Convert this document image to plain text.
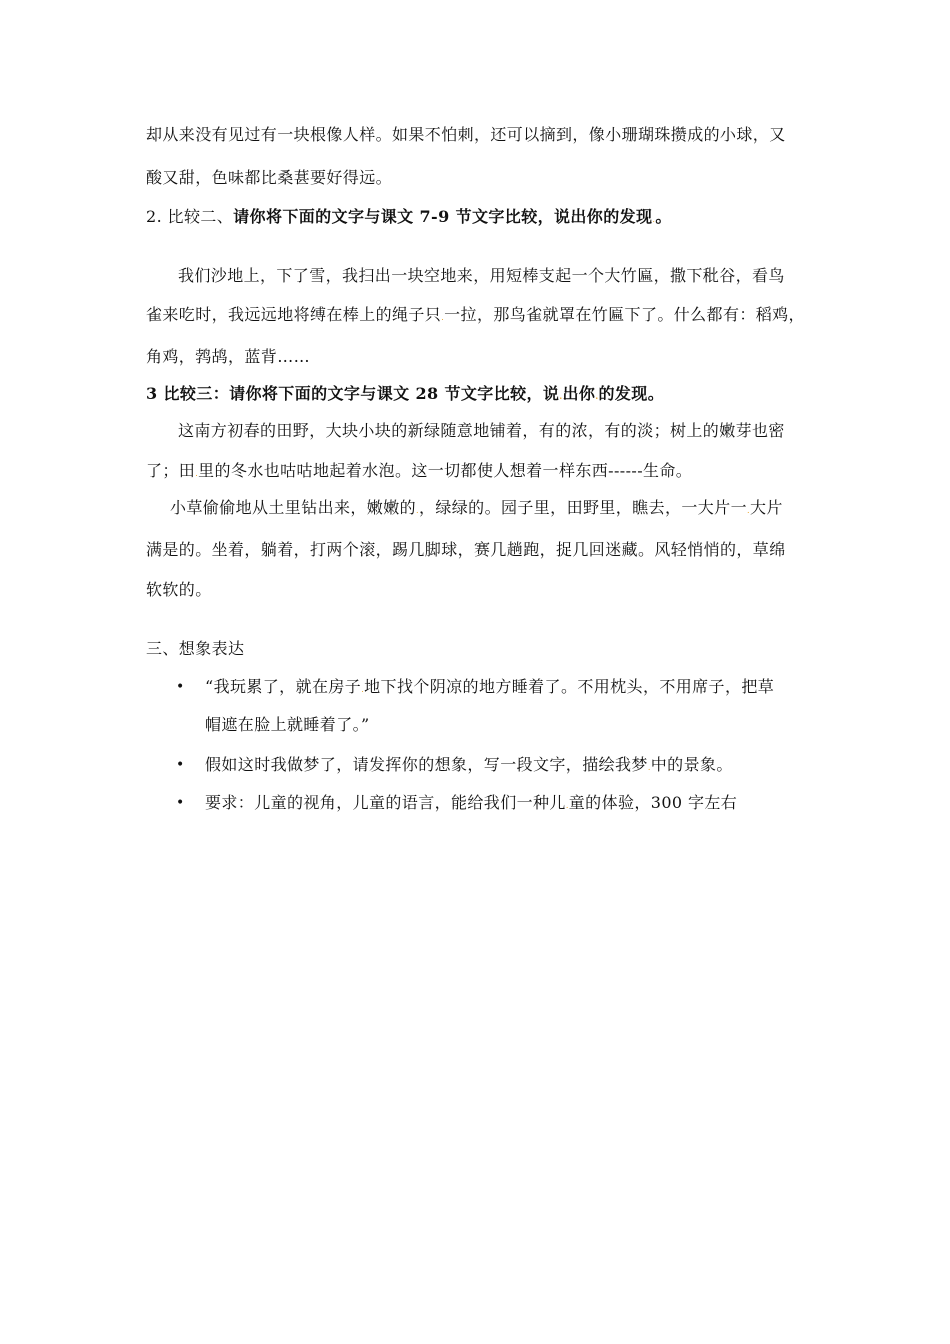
却从来没有见过有一块根像人样。如果不怕刺，还可以摘到，像小珊瑚珠攒成的小球，又
酸又甜，色味都比桑葚要好得远。
2. 比较二、请你将下面的文字与课文 7-9 节文字比较，说出你的发现.。
我们沙地上，下了雪，我扫出一块空地来，用短棒支起一个大竹匾，撒下秕谷，看鸟
雀来吃时，我远远地将缚在棒上的绳子只.一拉，那鸟雀就罩在竹匾下了。什么都有：稻鸡，
角鸡，鹁鸪，蓝背……
3 比较三：请你将下面的文字与课文 28 节文字比较，说.出你.的发现。
这南方初春的田野，大块小块的新绿随意地铺着，有的浓，有的淡；树上的嫩芽也密
了；田.里的冬水也咕咕地起着水泡。这一切都使人想着一样东西------生命。
小草偷偷地从土里钻出来，嫩嫩的.，绿绿的。园子里，田野里，瞧去，一大片一.大片
满是的。坐着，躺着，打两个滚，踢几脚球，赛几趟跑，捉几回迷藏。风轻悄悄的，草绵
软软的。
三、想象表达
• “我玩累了，就在房子.地下找个阴凉的地方睡着了。不用枕头，不用席子，把草
帽遮在脸上就睡着了。”
• 假如这时我做梦了，请发挥你的想象，写一段文字，描绘我梦.中的景象。
• 要求：儿童的视角，儿童的语言，能给我们一种儿.童的体验，300 字左右
